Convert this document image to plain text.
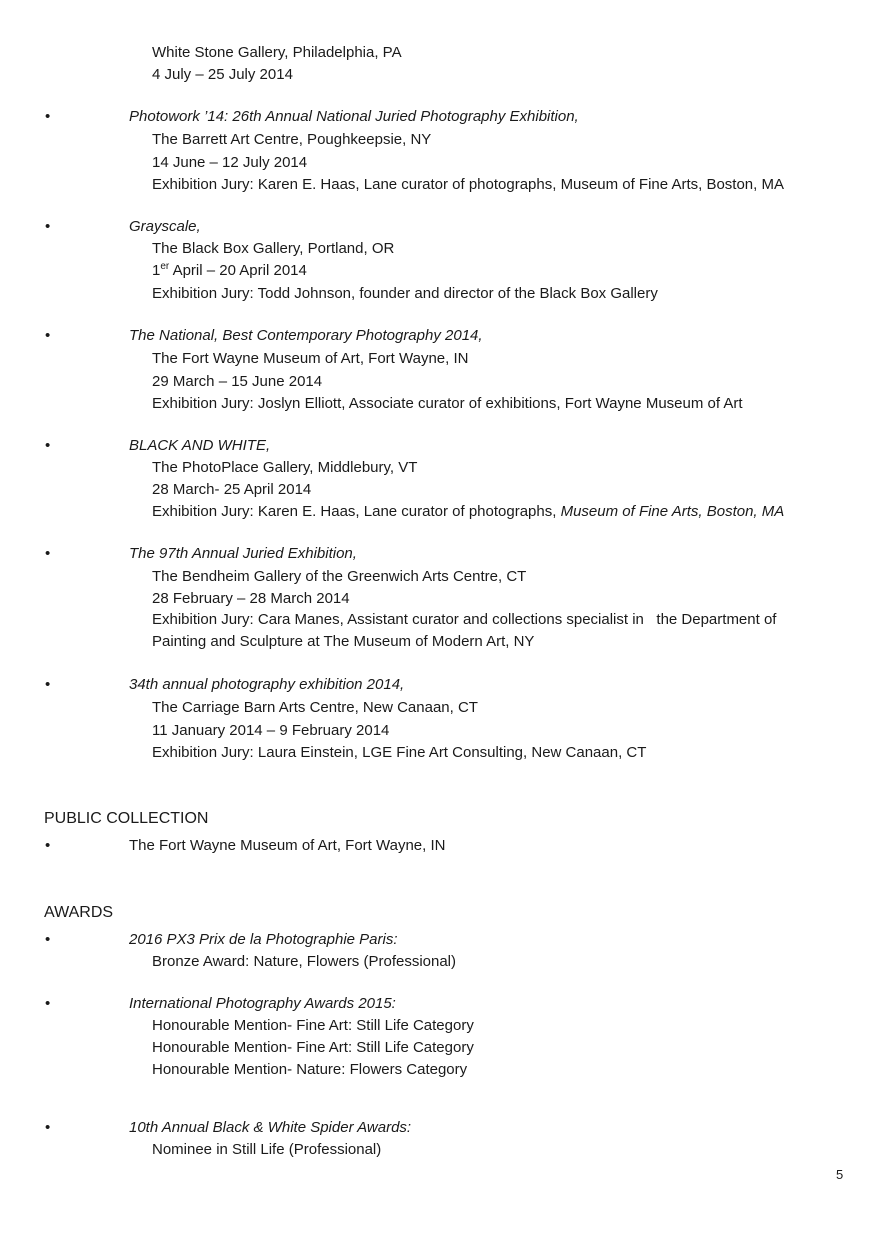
White Stone Gallery, Philadelphia, PA
4 July – 25 July 2014
•	Photowork ’14: 26th Annual National Juried Photography Exhibition,
The Barrett Art Centre, Poughkeepsie, NY
14 June – 12 July 2014
Exhibition Jury: Karen E. Haas, Lane curator of photographs, Museum of Fine Arts, Boston, MA
•	Grayscale,
The Black Box Gallery, Portland, OR
1er April – 20 April 2014
Exhibition Jury: Todd Johnson, founder and director of the Black Box Gallery
•	The National, Best Contemporary Photography 2014,
The Fort Wayne Museum of Art, Fort Wayne, IN
29 March – 15 June 2014
Exhibition Jury: Joslyn Elliott, Associate curator of exhibitions, Fort Wayne Museum of Art
•	BLACK AND WHITE,
The PhotoPlace Gallery, Middlebury, VT
28 March- 25 April 2014
Exhibition Jury: Karen E. Haas, Lane curator of photographs, Museum of Fine Arts, Boston, MA
•	The 97th Annual Juried Exhibition,
The Bendheim Gallery of the Greenwich Arts Centre, CT
28 February – 28 March 2014
Exhibition Jury: Cara Manes, Assistant curator and collections specialist in   the Department of
Painting and Sculpture at The Museum of Modern Art, NY
•	34th annual photography exhibition 2014,
The Carriage Barn Arts Centre, New Canaan, CT
11 January 2014 – 9 February 2014
Exhibition Jury: Laura Einstein, LGE Fine Art Consulting, New Canaan, CT
PUBLIC COLLECTION
•	The Fort Wayne Museum of Art, Fort Wayne, IN
AWARDS
•	2016 PX3 Prix de la Photographie Paris:
Bronze Award: Nature, Flowers (Professional)
•	International Photography Awards 2015:
Honourable Mention- Fine Art: Still Life Category
Honourable Mention- Fine Art: Still Life Category
Honourable Mention- Nature: Flowers Category
•	10th Annual Black & White Spider Awards:
Nominee in Still Life (Professional)
5
